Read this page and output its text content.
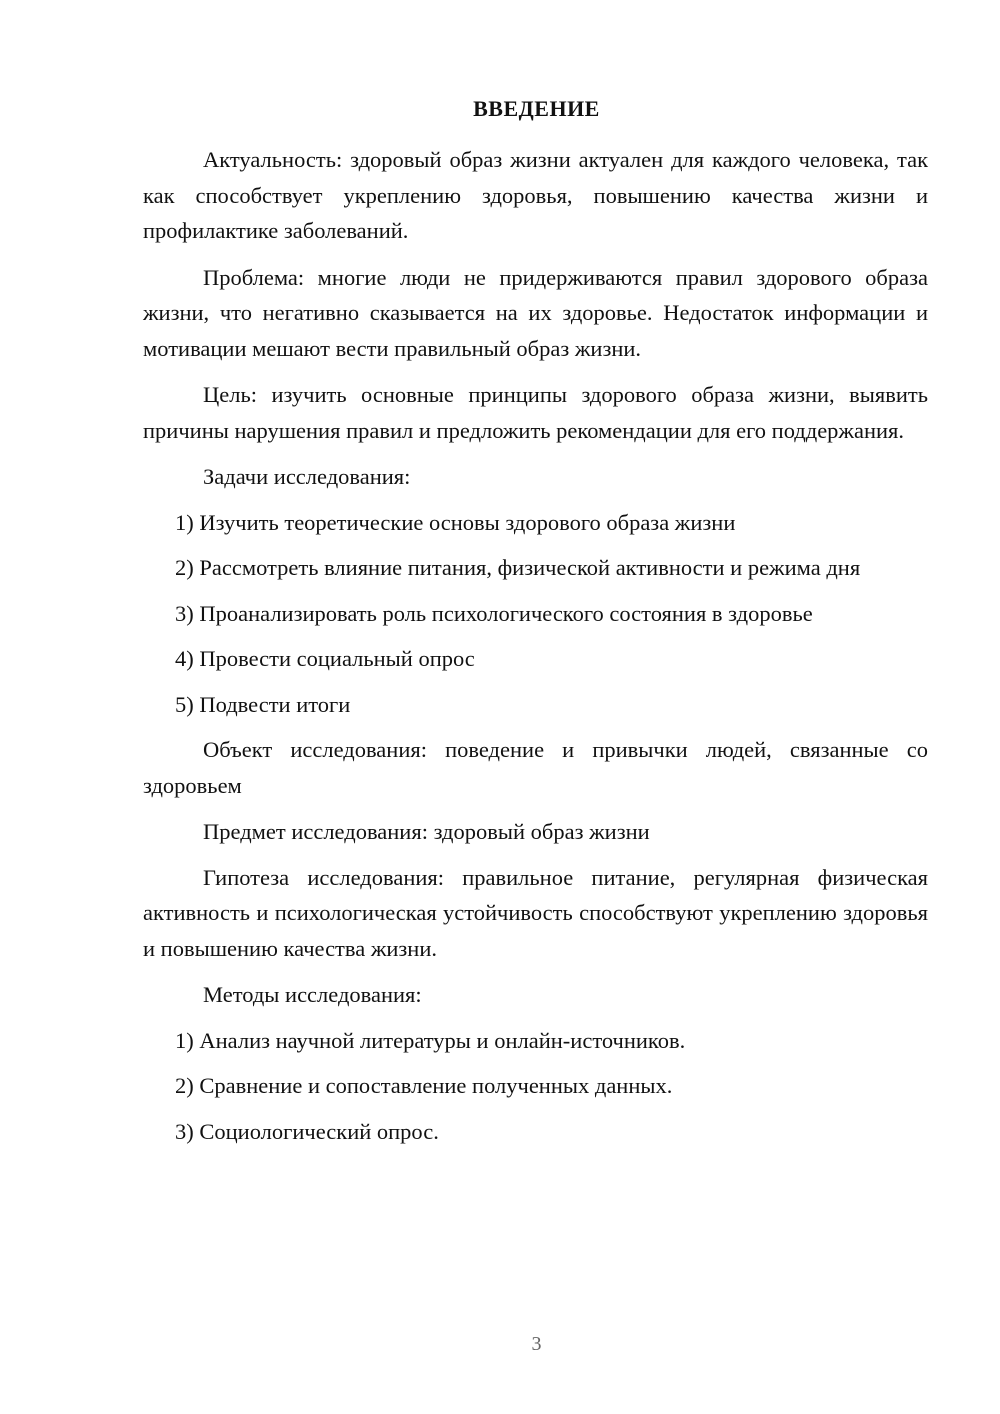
ВВЕДЕНИЕ

Актуальность: здоровый образ жизни актуален для каждого человека, так как способствует укреплению здоровья, повышению качества жизни и профилактике заболеваний.

Проблема: многие люди не придерживаются правил здорового образа жизни, что негативно сказывается на их здоровье. Недостаток информации и мотивации мешают вести правильный образ жизни.

Цель: изучить основные принципы здорового образа жизни, выявить причины нарушения правил и предложить рекомендации для его поддержания.

Задачи исследования:

1) Изучить теоретические основы здорового образа жизни
2) Рассмотреть влияние питания, физической активности и режима дня
3) Проанализировать роль психологического состояния в здоровье
4) Провести социальный опрос
5) Подвести итоги

Объект исследования: поведение и привычки людей, связанные со здоровьем

Предмет исследования: здоровый образ жизни

Гипотеза исследования: правильное питание, регулярная физическая активность и психологическая устойчивость способствуют укреплению здоровья и повышению качества жизни.

Методы исследования:

1) Анализ научной литературы и онлайн-источников.
2) Сравнение и сопоставление полученных данных.
3) Социологический опрос.
3
